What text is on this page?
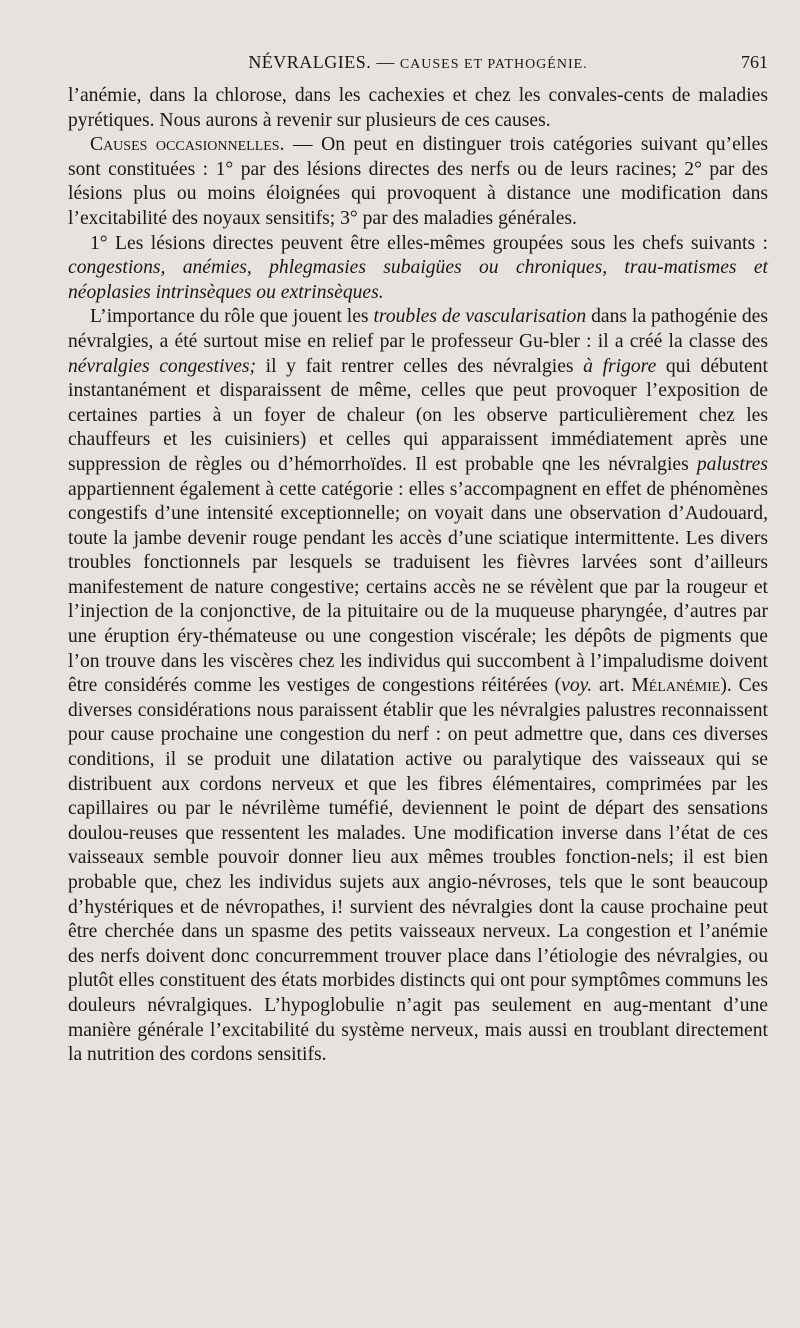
NÉVRALGIES. — CAUSES ET PATHOGÉNIE.	761

l’anémie, dans la chlorose, dans les cachexies et chez les convales-cents de maladies pyrétiques. Nous aurons à revenir sur plusieurs de ces causes.

Causes occasionnelles. — On peut en distinguer trois catégories suivant qu’elles sont constituées : 1° par des lésions directes des nerfs ou de leurs racines; 2° par des lésions plus ou moins éloignées qui provoquent à distance une modification dans l’excitabilité des noyaux sensitifs; 3° par des maladies générales.

1° Les lésions directes peuvent être elles-mêmes groupées sous les chefs suivants : congestions, anémies, phlegmasies subaigües ou chroniques, trau-matismes et néoplasies intrinsèques ou extrinsèques.

L’importance du rôle que jouent les troubles de vascularisation dans la pathogénie des névralgies, a été surtout mise en relief par le professeur Gu-bler : il a créé la classe des névralgies congestives; il y fait rentrer celles des névralgies à frigore qui débutent instantanément et disparaissent de même, celles que peut provoquer l’exposition de certaines parties à un foyer de chaleur (on les observe particulièrement chez les chauffeurs et les cuisiniers) et celles qui apparaissent immédiatement après une suppression de règles ou d’hémorrhoïdes. Il est probable qne les névralgies palustres appartiennent également à cette catégorie : elles s’accompagnent en effet de phénomènes congestifs d’une intensité exceptionnelle; on voyait dans une observation d’Audouard, toute la jambe devenir rouge pendant les accès d’une sciatique intermittente. Les divers troubles fonctionnels par lesquels se traduisent les fièvres larvées sont d’ailleurs manifestement de nature congestive; certains accès ne se révèlent que par la rougeur et l’injection de la conjonctive, de la pituitaire ou de la muqueuse pharyngée, d’autres par une éruption éry-thémateuse ou une congestion viscérale; les dépôts de pigments que l’on trouve dans les viscères chez les individus qui succombent à l’impaludisme doivent être considérés comme les vestiges de congestions réitérées (voy. art. Mélanémie). Ces diverses considérations nous paraissent établir que les névralgies palustres reconnaissent pour cause prochaine une congestion du nerf : on peut admettre que, dans ces diverses conditions, il se produit une dilatation active ou paralytique des vaisseaux qui se distribuent aux cordons nerveux et que les fibres élémentaires, comprimées par les capillaires ou par le névrilème tuméfié, deviennent le point de départ des sensations doulou-reuses que ressentent les malades. Une modification inverse dans l’état de ces vaisseaux semble pouvoir donner lieu aux mêmes troubles fonction-nels; il est bien probable que, chez les individus sujets aux angio-névroses, tels que le sont beaucoup d’hystériques et de névropathes, i! survient des névralgies dont la cause prochaine peut être cherchée dans un spasme des petits vaisseaux nerveux. La congestion et l’anémie des nerfs doivent donc concurremment trouver place dans l’étiologie des névralgies, ou plutôt elles constituent des états morbides distincts qui ont pour symptômes communs les douleurs névralgiques. L’hypoglobulie n’agit pas seulement en aug-mentant d’une manière générale l’excitabilité du système nerveux, mais aussi en troublant directement la nutrition des cordons sensitifs.
